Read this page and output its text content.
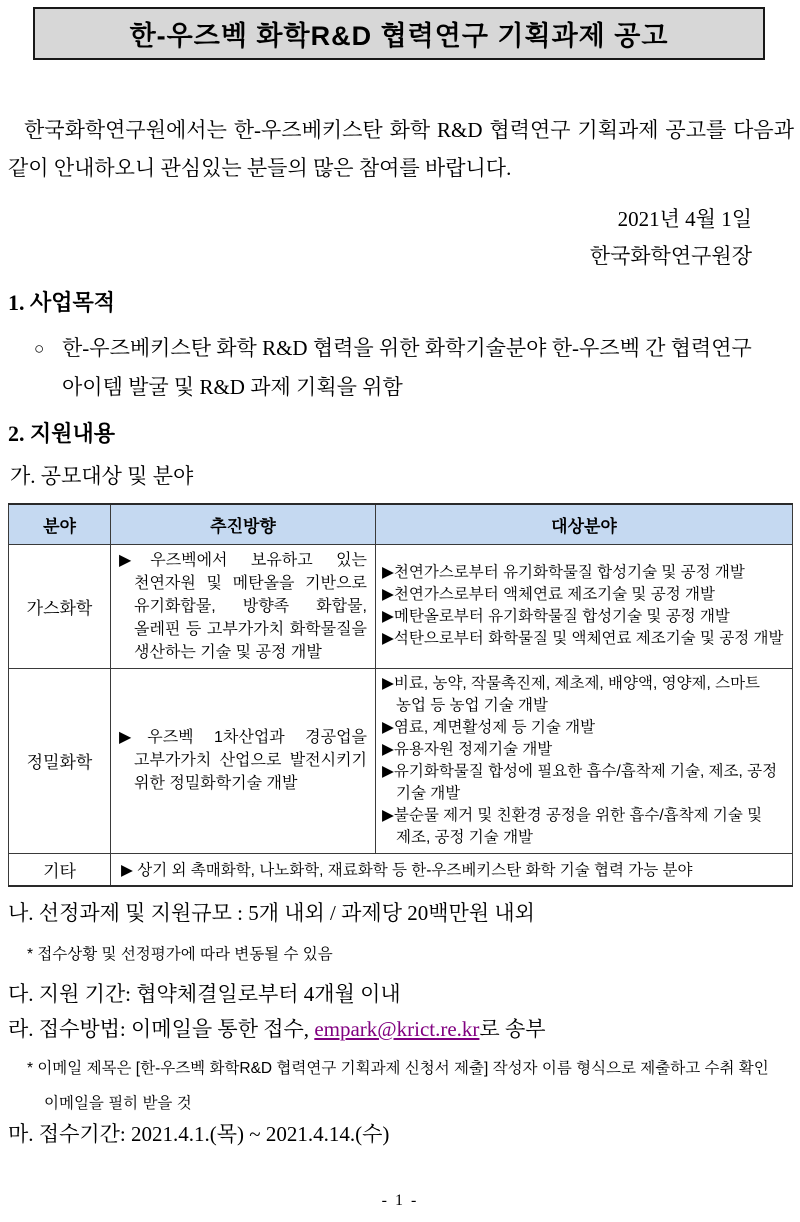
한-우즈벡 화학R&D 협력연구 기획과제 공고

한국화학연구원에서는 한-우즈베키스탄 화학 R&D 협력연구 기획과제 공고를 다음과 같이 안내하오니 관심있는 분들의 많은 참여를 바랍니다.

2021년 4월 1일
한국화학연구원장
1. 사업목적
○ 한-우즈베키스탄 화학 R&D 협력을 위한 화학기술분야 한-우즈벡 간 협력연구 아이템 발굴 및 R&D 과제 기획을 위함
2. 지원내용
가. 공모대상 및 분야
분야	추진방향	대상분야
가스화학	▶우즈벡에서 보유하고 있는 천연자원 및 메탄올을 기반으로 유기화합물, 방향족 화합물, 올레핀 등 고부가가치 화학물질을 생산하는 기술 및 공정 개발	▶천연가스로부터 유기화학물질 합성기술 및 공정 개발
▶천연가스로부터 액체연료 제조기술 및 공정 개발
▶메탄올로부터 유기화학물질 합성기술 및 공정 개발
▶석탄으로부터 화학물질 및 액체연료 제조기술 및 공정 개발

정밀화학	▶우즈벡 1차산업과 경공업을 고부가가치 산업으로 발전시키기 위한 정밀화학기술 개발	▶비료, 농약, 작물촉진제, 제초제, 배양액, 영양제, 스마트 농업 등 농업 기술 개발
▶염료, 계면활성제 등 기술 개발
▶유용자원 정제기술 개발
▶유기화학물질 합성에 필요한 흡수/흡착제 기술, 제조, 공정 기술 개발
▶불순물 제거 및 친환경 공정을 위한 흡수/흡착제 기술 및 제조, 공정 기술 개발

기타	▶ 상기 외 촉매화학, 나노화학, 재료화학 등 한-우즈베키스탄 화학 기술 협력 가능 분야	
나. 선정과제 및 지원규모 : 5개 내외 / 과제당 20백만원 내외
* 접수상황 및 선정평가에 따라 변동될 수 있음
다. 지원 기간: 협약체결일로부터 4개월 이내
라. 접수방법: 이메일을 통한 접수, empark@krict.re.kr로 송부
* 이메일 제목은 [한-우즈벡 화학R&D 협력연구 기획과제 신청서 제출] 작성자 이름 형식으로 제출하고 수취 확인 이메일을 필히 받을 것
마. 접수기간: 2021.4.1.(목) ~ 2021.4.14.(수)
- 1 -
